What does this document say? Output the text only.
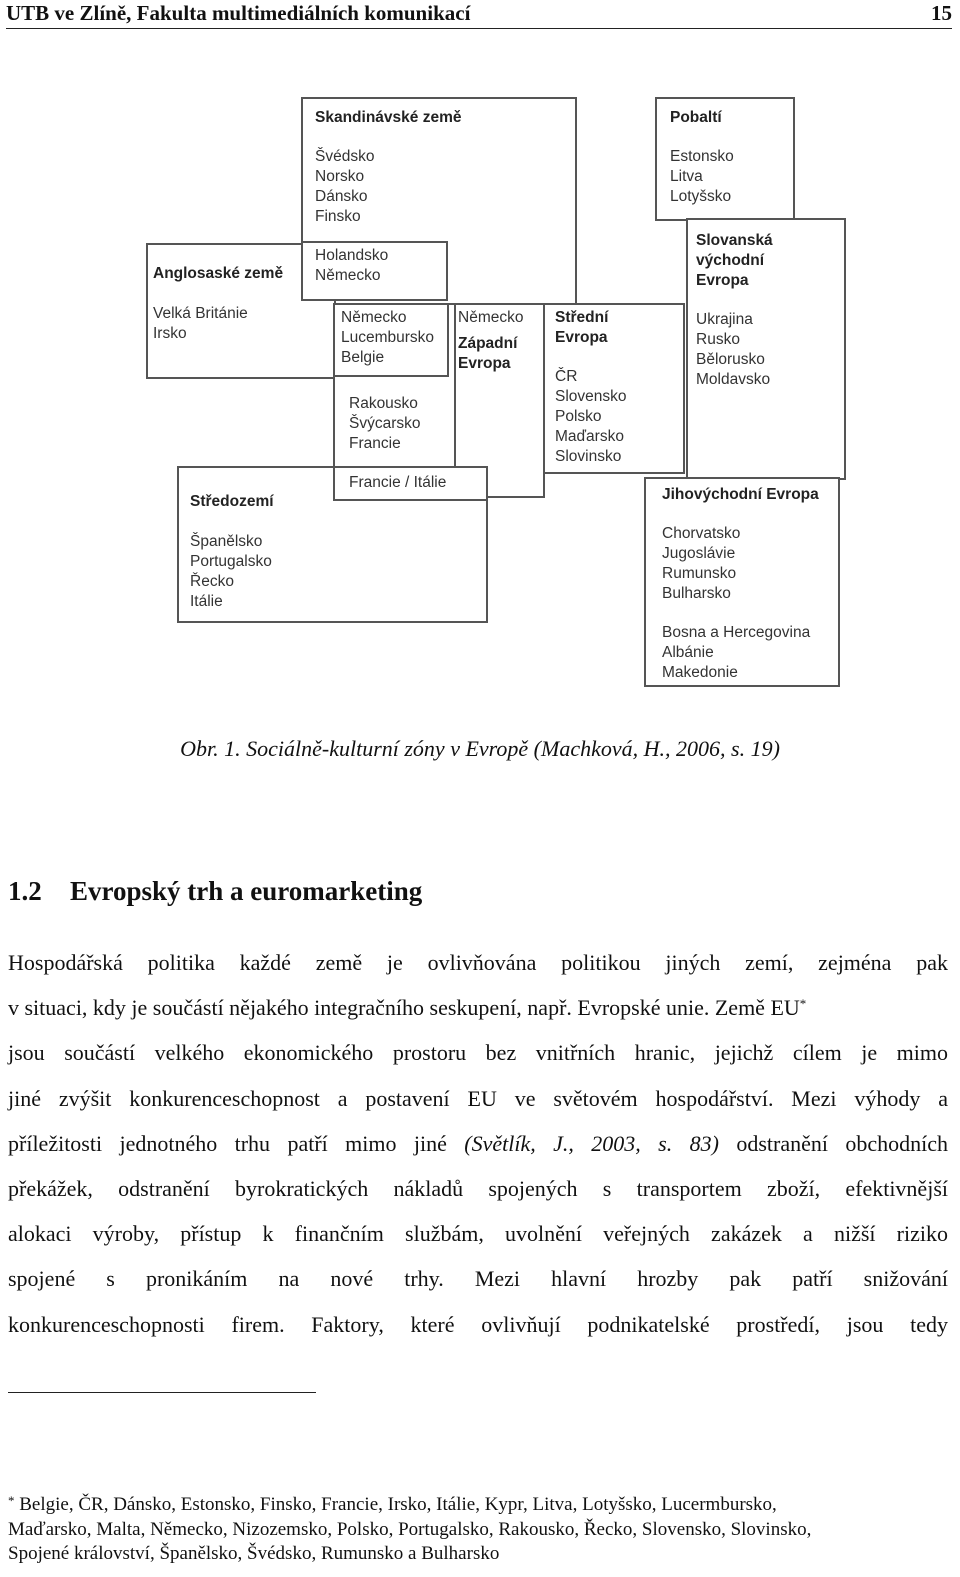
UTB ve Zlíně, Fakulta multimediálních komunikací	15
Skandinávské země
Švédsko
Norsko
Dánsko
Finsko
Pobaltí
Estonsko
Litva
Lotyšsko
Anglosaské země
Velká Británie
Irsko
Holandsko
Německo
Slovanská
východní
Evropa
Ukrajina
Rusko
Bělorusko
Moldavsko
Německo
Lucembursko
Belgie
Německo
Západní
Evropa
Střední
Evropa
ČR
Slovensko
Polsko
Maďarsko
Slovinsko
Rakousko
Švýcarsko
Francie
Francie / Itálie
Středozemí
Španělsko
Portugalsko
Řecko
Itálie
Jihovýchodní Evropa
Chorvatsko
Jugoslávie
Rumunsko
Bulharsko
Bosna a Hercegovina
Albánie
Makedonie
Obr. 1. Sociálně-kulturní zóny v Evropě (Machková, H., 2006, s. 19)
1.2 Evropský trh a euromarketing
Hospodářská politika každé země je ovlivňována politikou jiných zemí, zejména pak
v situaci, kdy je součástí nějakého integračního seskupení, např. Evropské unie. Země EU*
jsou součástí velkého ekonomického prostoru bez vnitřních hranic, jejichž cílem je mimo
jiné zvýšit konkurenceschopnost a postavení EU ve světovém hospodářství. Mezi výhody a
příležitosti jednotného trhu patří mimo jiné (Světlík, J., 2003, s. 83) odstranění obchodních
překážek, odstranění byrokratických nákladů spojených s transportem zboží, efektivnější
alokaci výroby, přístup k finančním službám, uvolnění veřejných zakázek a nižší riziko
spojené s pronikáním na nové trhy. Mezi hlavní hrozby pak patří snižování
konkurenceschopnosti firem. Faktory, které ovlivňují podnikatelské prostředí, jsou tedy
* Belgie, ČR, Dánsko, Estonsko, Finsko, Francie, Irsko, Itálie, Kypr, Litva, Lotyšsko, Lucermbursko,
Maďarsko, Malta, Německo, Nizozemsko, Polsko, Portugalsko, Rakousko, Řecko, Slovensko, Slovinsko,
Spojené království, Španělsko, Švédsko, Rumunsko a Bulharsko
